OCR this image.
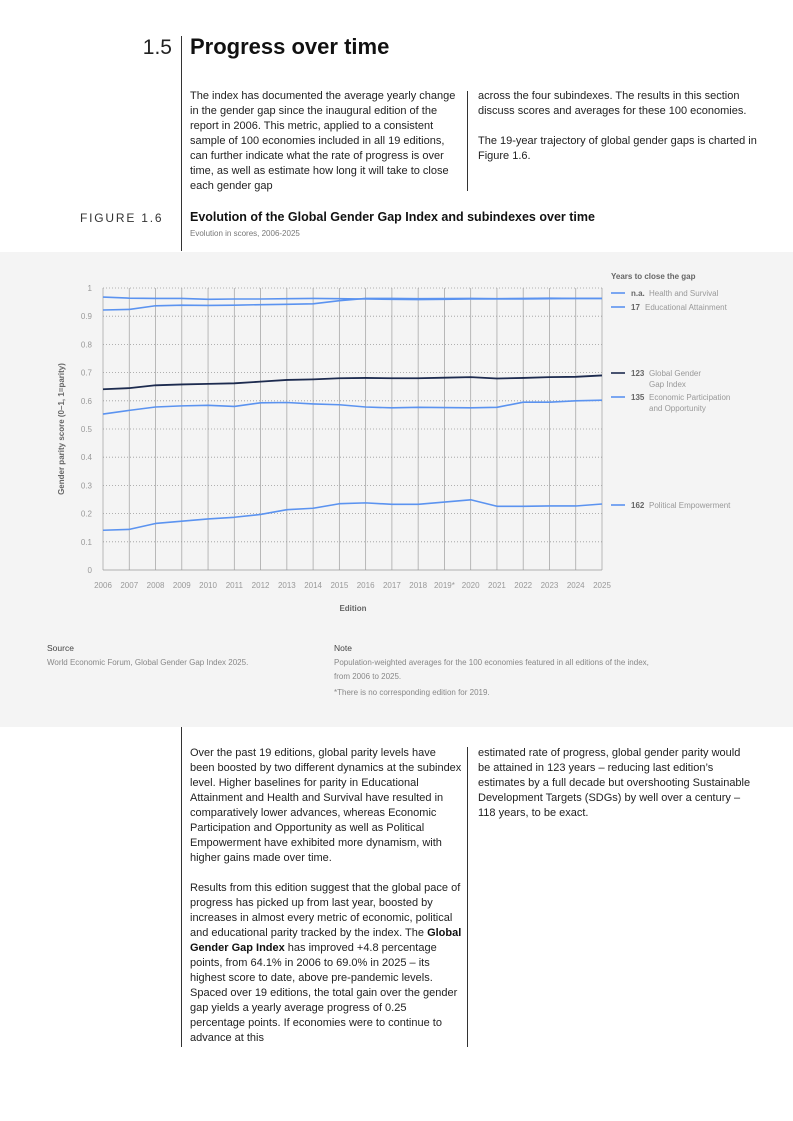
1.5 Progress over time

The index has documented the average yearly change in the gender gap since the inaugural edition of the report in 2006. This metric, applied to a consistent sample of 100 economies included in all 19 editions, can further indicate what the rate of progress is over time, as well as estimate how long it will take to close each gender gap

across the four subindexes. The results in this section discuss scores and averages for these 100 economies.

The 19-year trajectory of global gender gaps is charted in Figure 1.6.

FIGURE 1.6 Evolution of the Global Gender Gap Index and subindexes over time
Evolution in scores, 2006-2025
0
0.1
0.2
0.3
0.4
0.5
0.6
0.7
0.8
0.9
1
2006 2007 2008 2009 2010 2011 2012 2013 2014 2015 2016 2017 2018 2019* 2020 2021 2022 2023 2024 2025
Edition
Gender parity score (0–1, 1=parity)
Years to close the gap
n.a. Health and Survival
17 Educational Attainment
123 Global Gender
Gap Index
135 Economic Participation
and Opportunity
162 Political Empowerment
Source
World Economic Forum, Global Gender Gap Index 2025.
Note
Population-weighted averages for the 100 economies featured in all editions of the index,
from 2006 to 2025.
*There is no corresponding edition for 2019.

Over the past 19 editions, global parity levels have been boosted by two different dynamics at the subindex level. Higher baselines for parity in Educational Attainment and Health and Survival have resulted in comparatively lower advances, whereas Economic Participation and Opportunity as well as Political Empowerment have exhibited more dynamism, with higher gains made over time.

Results from this edition suggest that the global pace of progress has picked up from last year, boosted by increases in almost every metric of economic, political and educational parity tracked by the index. The Global Gender Gap Index has improved +4.8 percentage points, from 64.1% in 2006 to 69.0% in 2025 – its highest score to date, above pre-pandemic levels. Spaced over 19 editions, the total gain over the gender gap yields a yearly average progress of 0.25 percentage points. If economies were to continue to advance at this

estimated rate of progress, global gender parity would be attained in 123 years – reducing last edition’s estimates by a full decade but overshooting Sustainable Development Targets (SDGs) by well over a century – 118 years, to be exact.
